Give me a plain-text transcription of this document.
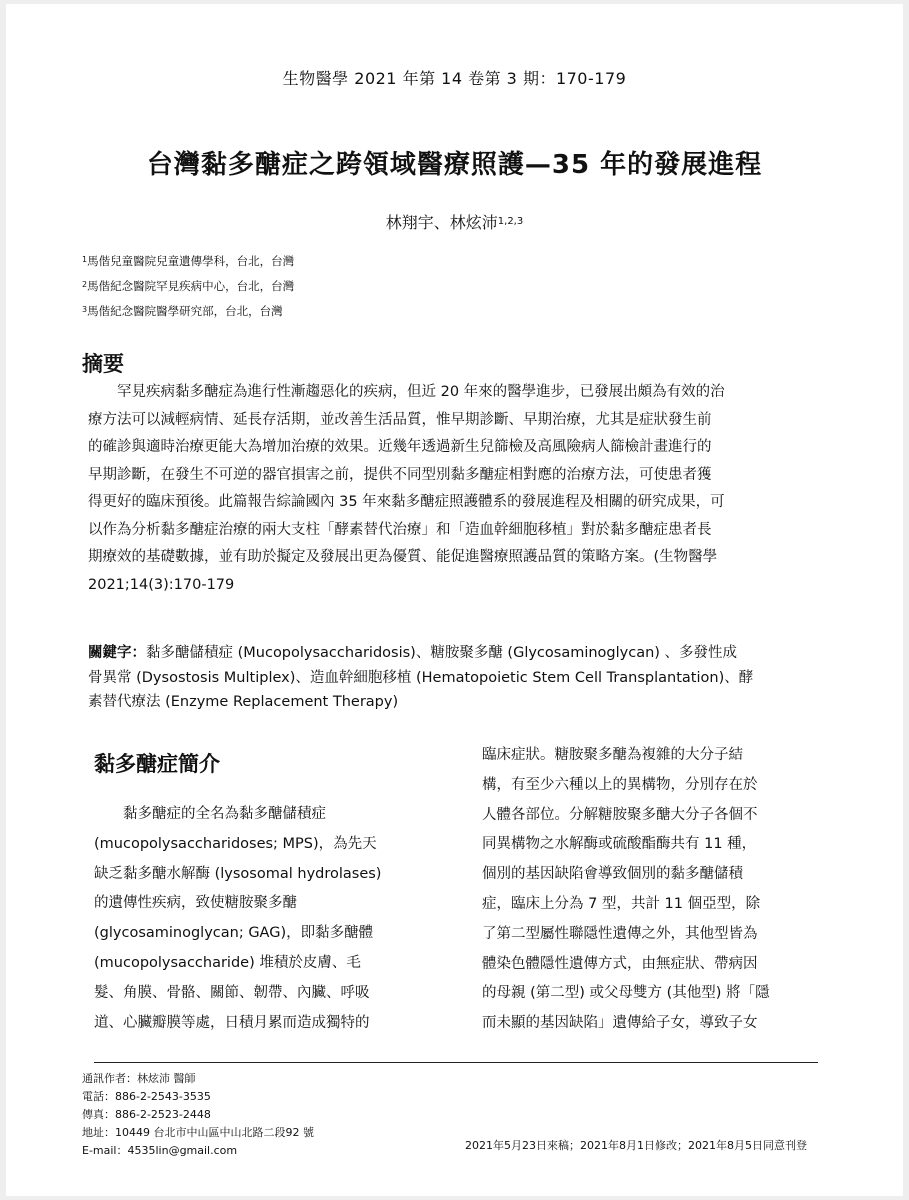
生物醫學 2021 年第 14 卷第 3 期：170-179
台灣黏多醣症之跨領域醫療照護—35 年的發展進程
林翔宇、林炫沛$^{1,2,3}$
$^1$馬偕兒童醫院兒童遺傳學科，台北，台灣
$^2$馬偕紀念醫院罕見疾病中心，台北，台灣
$^3$馬偕紀念醫院醫學研究部，台北，台灣
摘要

　　罕見疾病黏多醣症為進行性漸趨惡化的疾病，但近 20 年來的醫學進步，已發展出頗為有效的治
療方法可以減輕病情、延長存活期，並改善生活品質，惟早期診斷、早期治療，尤其是症狀發生前
的確診與適時治療更能大為增加治療的效果。近幾年透過新生兒篩檢及高風險病人篩檢計畫進行的
早期診斷，在發生不可逆的器官損害之前，提供不同型別黏多醣症相對應的治療方法，可使患者獲
得更好的臨床預後。此篇報告綜論國內 35 年來黏多醣症照護體系的發展進程及相關的研究成果，可
以作為分析黏多醣症治療的兩大支柱「酵素替代治療」和「造血幹細胞移植」對於黏多醣症患者長
期療效的基礎數據，並有助於擬定及發展出更為優質、能促進醫療照護品質的策略方案。(生物醫學
2021;14(3):170-179

關鍵字：黏多醣儲積症 (Mucopolysaccharidosis)、糖胺聚多醣 (Glycosaminoglycan) 、多發性成
骨異常 (Dysostosis Multiplex)、造血幹細胞移植 (Hematopoietic Stem Cell Transplantation)、酵
素替代療法 (Enzyme Replacement Therapy)

黏多醣症簡介

　　黏多醣症的全名為黏多醣儲積症
(mucopolysaccharidoses; MPS)，為先天
缺乏黏多醣水解酶 (lysosomal hydrolases)
的遺傳性疾病，致使糖胺聚多醣
(glycosaminoglycan; GAG)，即黏多醣體
(mucopolysaccharide) 堆積於皮膚、毛
髮、角膜、骨骼、關節、韌帶、內臟、呼吸
道、心臟瓣膜等處，日積月累而造成獨特的

臨床症狀。糖胺聚多醣為複雜的大分子結
構，有至少六種以上的異構物，分別存在於
人體各部位。分解糖胺聚多醣大分子各個不
同異構物之水解酶或硫酸酯酶共有 11 種，
個別的基因缺陷會導致個別的黏多醣儲積
症，臨床上分為 7 型，共計 11 個亞型，除
了第二型屬性聯隱性遺傳之外，其他型皆為
體染色體隱性遺傳方式，由無症狀、帶病因
的母親 (第二型) 或父母雙方 (其他型) 將「隱
而未顯的基因缺陷」遺傳給子女，導致子女

通訊作者：林炫沛 醫師
電話：886-2-2543-3535
傳真：886-2-2523-2448
地址：10449 台北市中山區中山北路二段92 號
E-mail：4535lin@gmail.com	2021年5月23日來稿；2021年8月1日修改；2021年8月5日同意刊登
